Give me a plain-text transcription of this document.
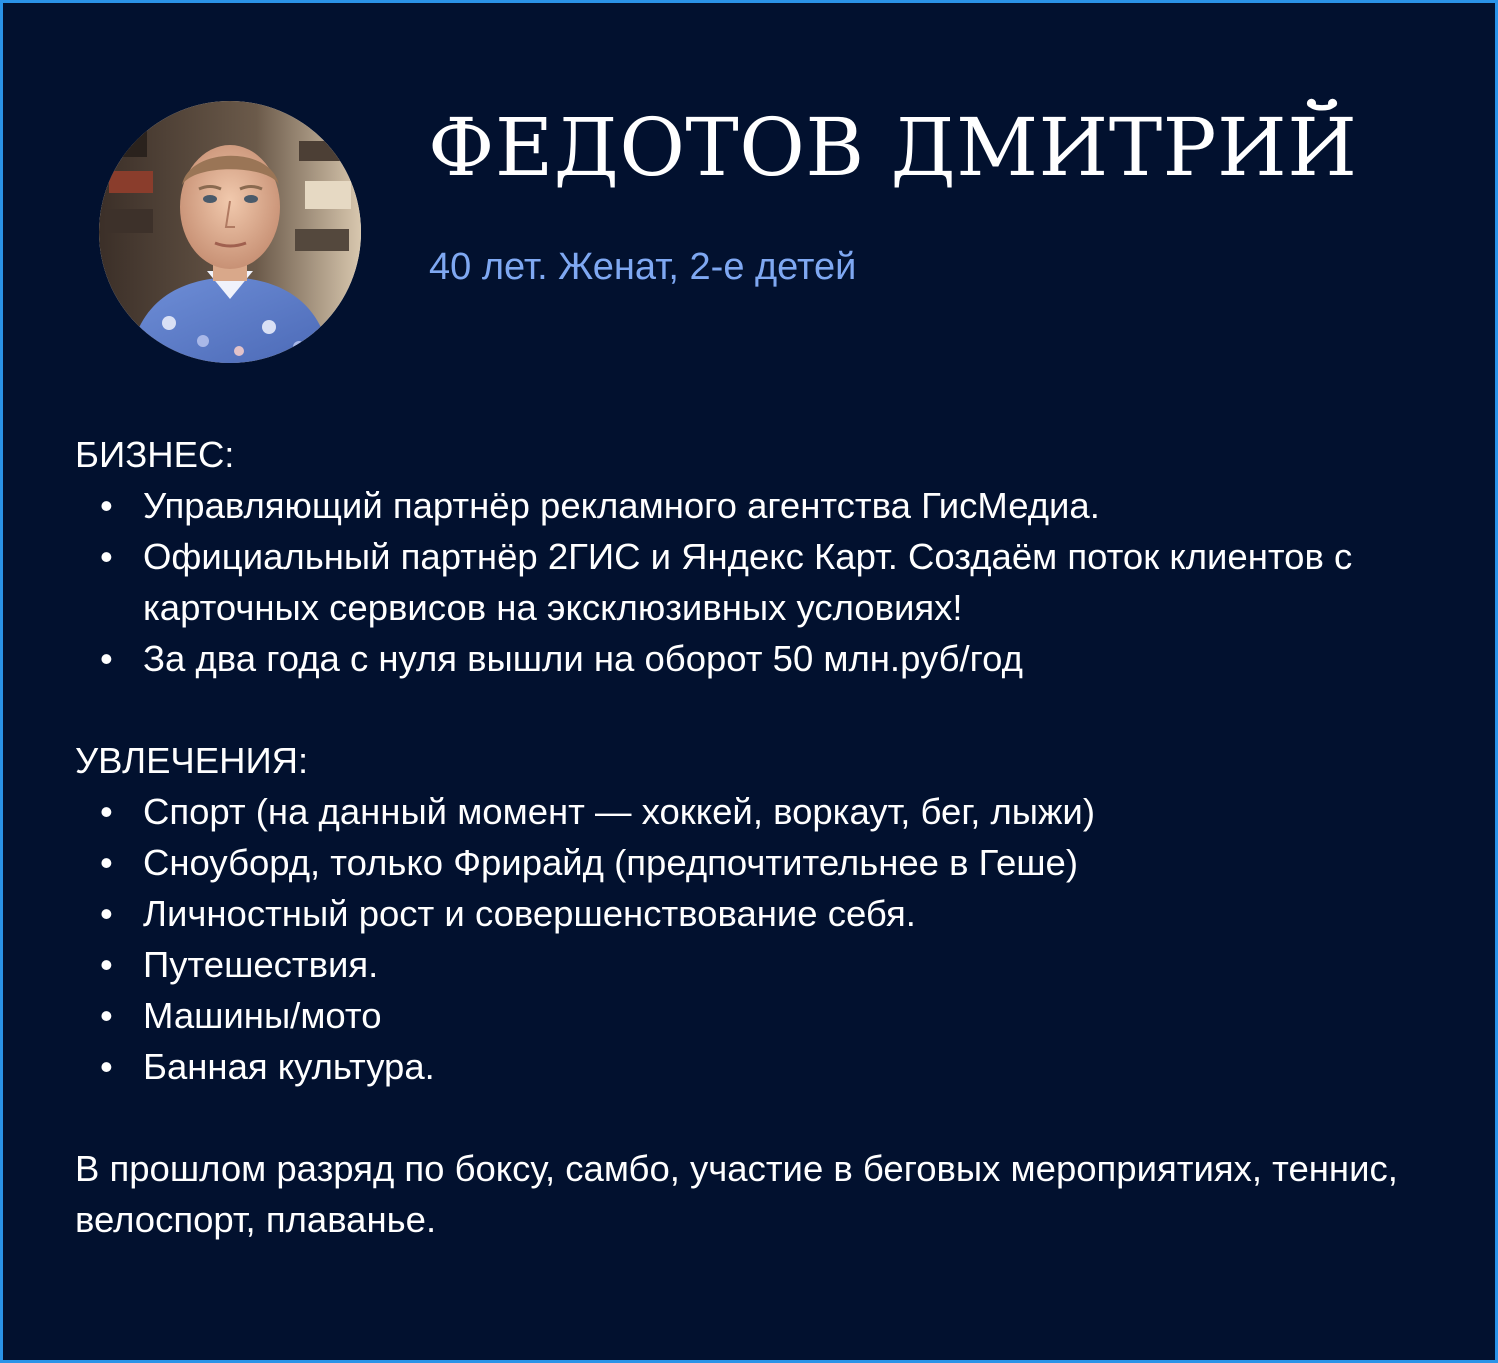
ФЕДОТОВ ДМИТРИЙ

40 лет. Женат, 2-е детей

БИЗНЕС:
• Управляющий партнёр рекламного агентства ГисМедиа.
• Официальный партнёр 2ГИС и Яндекс Карт. Создаём поток клиентов с карточных сервисов на эксклюзивных условиях!
• За два года с нуля вышли на оборот 50 млн.руб/год
УВЛЕЧЕНИЯ:
• Спорт (на данный момент — хоккей, воркаут, бег, лыжи)
• Сноуборд, только Фрирайд (предпочтительнее в Геше)
• Личностный рост и совершенствование себя.
• Путешествия.
• Машины/мото
• Банная культура.

В прошлом разряд по боксу, самбо, участие в беговых мероприятиях, теннис, велоспорт, плаванье.
